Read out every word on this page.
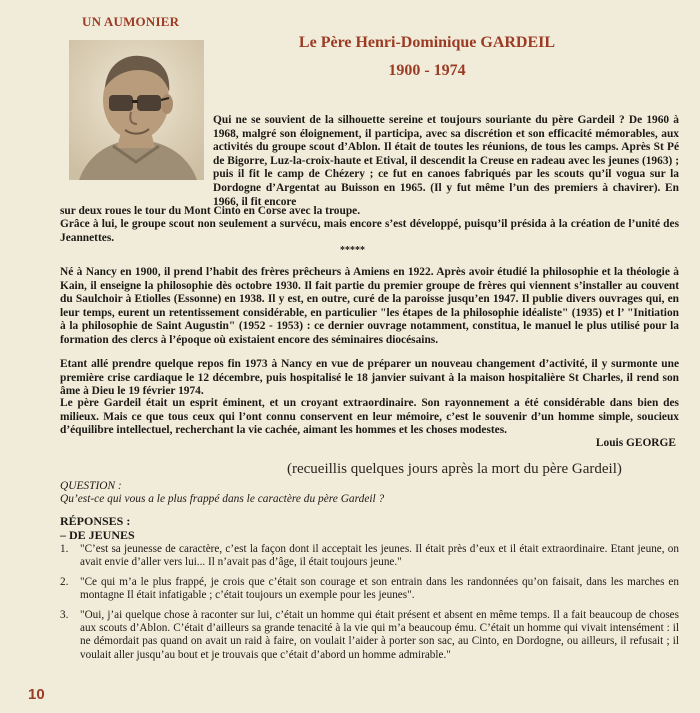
UN AUMONIER
Le Père Henri-Dominique GARDEIL
1900 - 1974
Qui ne se souvient de la silhouette sereine et toujours souriante du père Gardeil ? De 1960 à 1968, malgré son éloignement, il participa, avec sa discrétion et son efficacité mémorables, aux activités du groupe scout d’Ablon. Il était de toutes les réunions, de tous les camps. Après St Pé de Bigorre, Luz-la-croix-haute et Etival, il descendit la Creuse en radeau avec les jeunes (1963) ; puis il fit le camp de Chézery ; ce fut en canoes fabriqués par les scouts qu’il vogua sur la Dordogne d’Argentat au Buisson en 1965. (Il y fut même l’un des premiers à chavirer). En 1966, il fit encore
sur deux roues le tour du Mont Cinto en Corse avec la troupe.
Grâce à lui, le groupe scout non seulement a survécu, mais encore s’est développé, puisqu’il présida à la création de l’unité des Jeannettes.
*****
Né à Nancy en 1900, il prend l’habit des frères prêcheurs à Amiens en 1922. Après avoir étudié la philosophie et la théologie à Kain, il enseigne la philosophie dès octobre 1930. Il fait partie du premier groupe de frères qui viennent s’installer au couvent du Saulchoir à Etiolles (Essonne) en 1938. Il y est, en outre, curé de la paroisse jusqu’en 1947. Il publie divers ouvrages qui, en leur temps, eurent un retentissement considérable, en particulier "les étapes de la philosophie idéaliste" (1935) et l’ "Initiation à la philosophie de Saint Augustin" (1952 - 1953) : ce dernier ouvrage notamment, constitua, le manuel le plus utilisé pour la formation des clercs à l’époque où existaient encore des séminaires diocésains.
Etant allé prendre quelque repos fin 1973 à Nancy en vue de préparer un nouveau changement d’activité, il y surmonte une première crise cardiaque le 12 décembre, puis hospitalisé le 18 janvier suivant à la maison hospitalière St Charles, il rend son âme à Dieu le 19 février 1974.
Le père Gardeil était un esprit éminent, et un croyant extraordinaire. Son rayonnement a été considérable dans bien des milieux. Mais ce que tous ceux qui l’ont connu conservent en leur mémoire, c’est le souvenir d’un homme simple, soucieux d’équilibre intellectuel, recherchant la vie cachée, aimant les hommes et les choses modestes.
Louis GEORGE
(recueillis quelques jours après la mort du père Gardeil)
QUESTION :
Qu’est-ce qui vous a le plus frappé dans le caractère du père Gardeil ?
RÉPONSES :
– DE JEUNES
1.	"C’est sa jeunesse de caractère, c’est la façon dont il acceptait les jeunes. Il était près d’eux et il était extraordinaire. Etant jeune, on avait envie d’aller vers lui... Il n’avait pas d’âge, il était toujours jeune."
2.	"Ce qui m’a le plus frappé, je crois que c’était son courage et son entrain dans les randonnées qu’on faisait, dans les marches en montagne Il était infatigable ; c’était toujours un exemple pour les jeunes".
3.	"Oui, j’ai quelque chose à raconter sur lui, c’était un homme qui était présent et absent en même temps. Il a fait beaucoup de choses aux scouts d’Ablon. C’était d’ailleurs sa grande tenacité à la vie qui m’a beaucoup ému. C’était un homme qui vivait intensément : il ne démordait pas quand on avait un raid à faire, on voulait l’aider à porter son sac, au Cinto, en Dordogne, ou ailleurs, il refusait ; il voulait aller jusqu’au bout et je trouvais que c’était d’abord un homme admirable."
10
